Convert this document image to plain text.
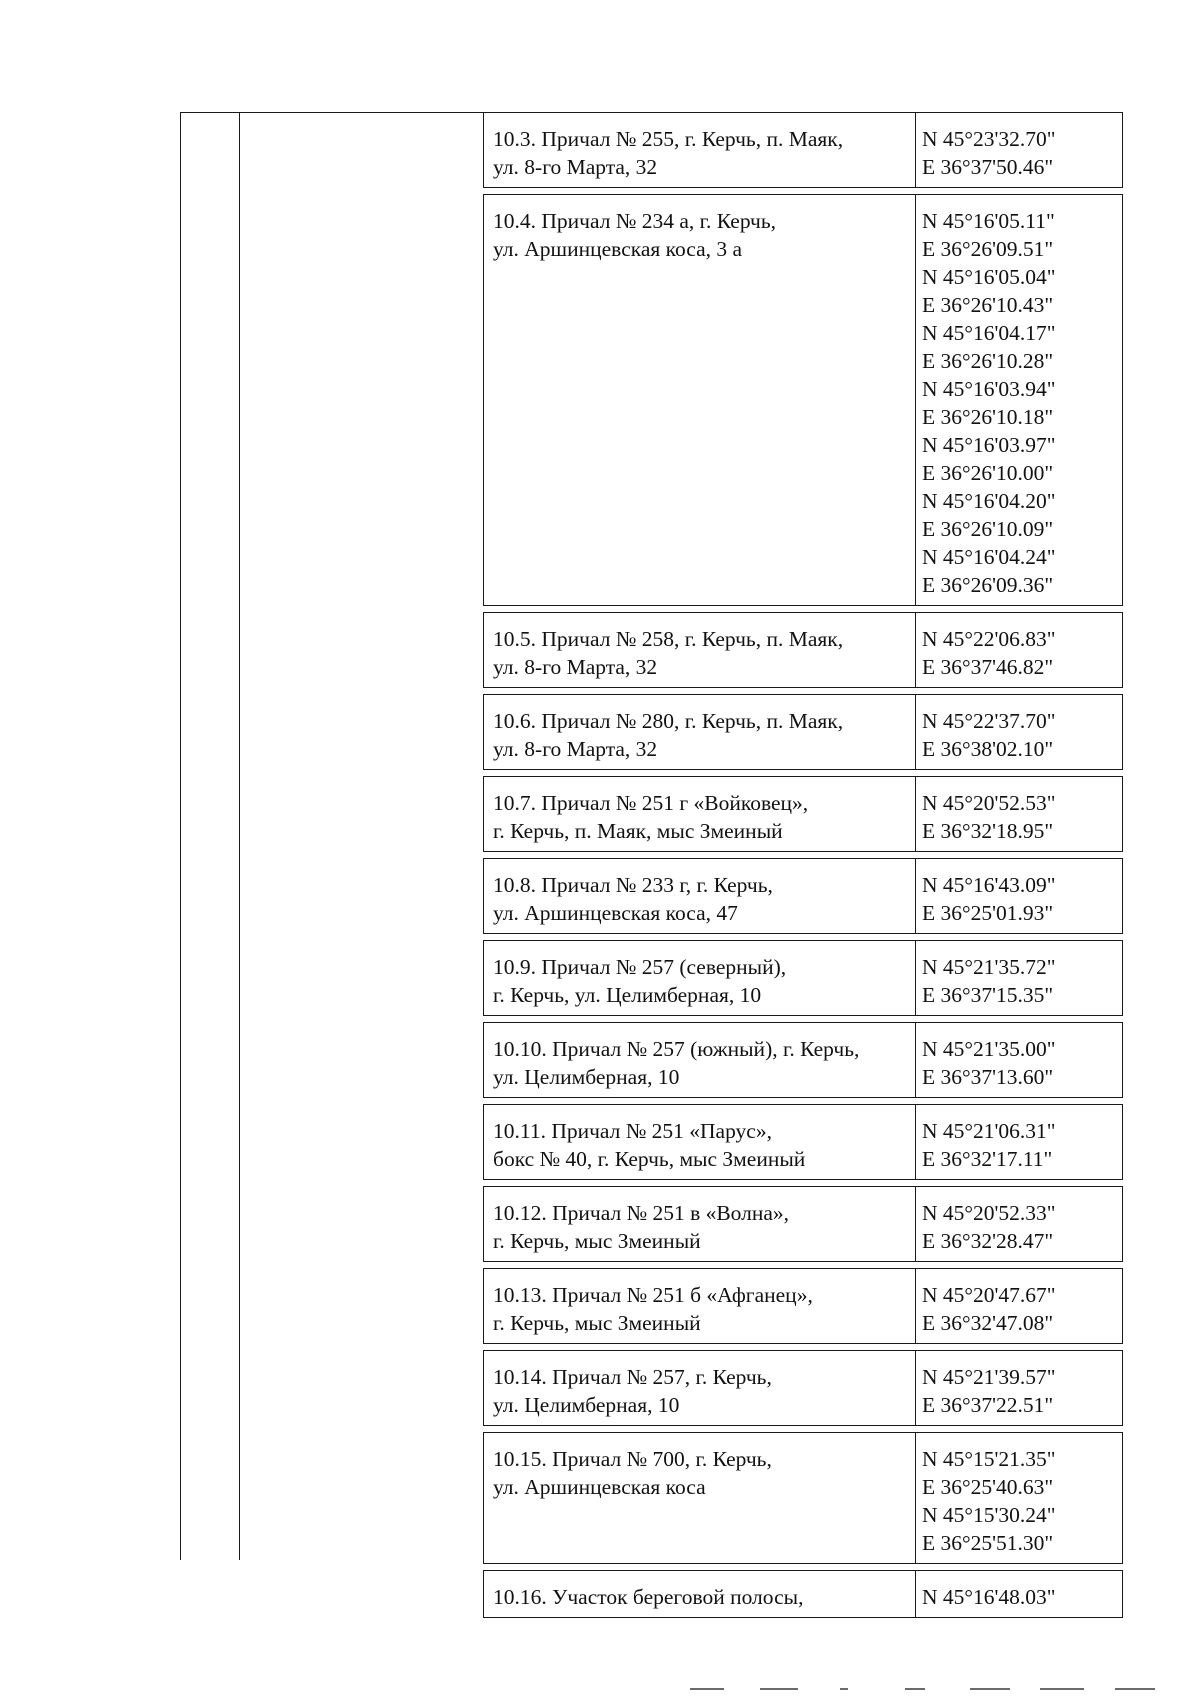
10.3. Причал № 255, г. Керчь, п. Маяк,
ул. 8-го Марта, 32
N 45°23'32.70"
E 36°37'50.46"
10.4. Причал № 234 а, г. Керчь,
ул. Аршинцевская коса, 3 а
N 45°16'05.11"
E 36°26'09.51"
N 45°16'05.04"
E 36°26'10.43"
N 45°16'04.17"
E 36°26'10.28"
N 45°16'03.94"
E 36°26'10.18"
N 45°16'03.97"
E 36°26'10.00"
N 45°16'04.20"
E 36°26'10.09"
N 45°16'04.24"
E 36°26'09.36"
10.5. Причал № 258, г. Керчь, п. Маяк,
ул. 8-го Марта, 32
N 45°22'06.83"
E 36°37'46.82"
10.6. Причал № 280, г. Керчь, п. Маяк,
ул. 8-го Марта, 32
N 45°22'37.70"
E 36°38'02.10"
10.7. Причал № 251 г «Войковец»,
г. Керчь, п. Маяк, мыс Змеиный
N 45°20'52.53"
E 36°32'18.95"
10.8. Причал № 233 г, г. Керчь,
ул. Аршинцевская коса, 47
N 45°16'43.09"
E 36°25'01.93"
10.9. Причал № 257 (северный),
г. Керчь, ул. Целимберная, 10
N 45°21'35.72"
E 36°37'15.35"
10.10. Причал № 257 (южный), г. Керчь,
ул. Целимберная, 10
N 45°21'35.00"
E 36°37'13.60"
10.11. Причал № 251 «Парус»,
бокс № 40, г. Керчь, мыс Змеиный
N 45°21'06.31"
E 36°32'17.11"
10.12. Причал № 251 в «Волна»,
г. Керчь, мыс Змеиный
N 45°20'52.33"
E 36°32'28.47"
10.13. Причал № 251 б «Афганец»,
г. Керчь, мыс Змеиный
N 45°20'47.67"
E 36°32'47.08"
10.14. Причал № 257, г. Керчь,
ул. Целимберная, 10
N 45°21'39.57"
E 36°37'22.51"
10.15. Причал № 700, г. Керчь,
ул. Аршинцевская коса
N 45°15'21.35"
E 36°25'40.63"
N 45°15'30.24"
E 36°25'51.30"
10.16. Участок береговой полосы,	N 45°16'48.03"
